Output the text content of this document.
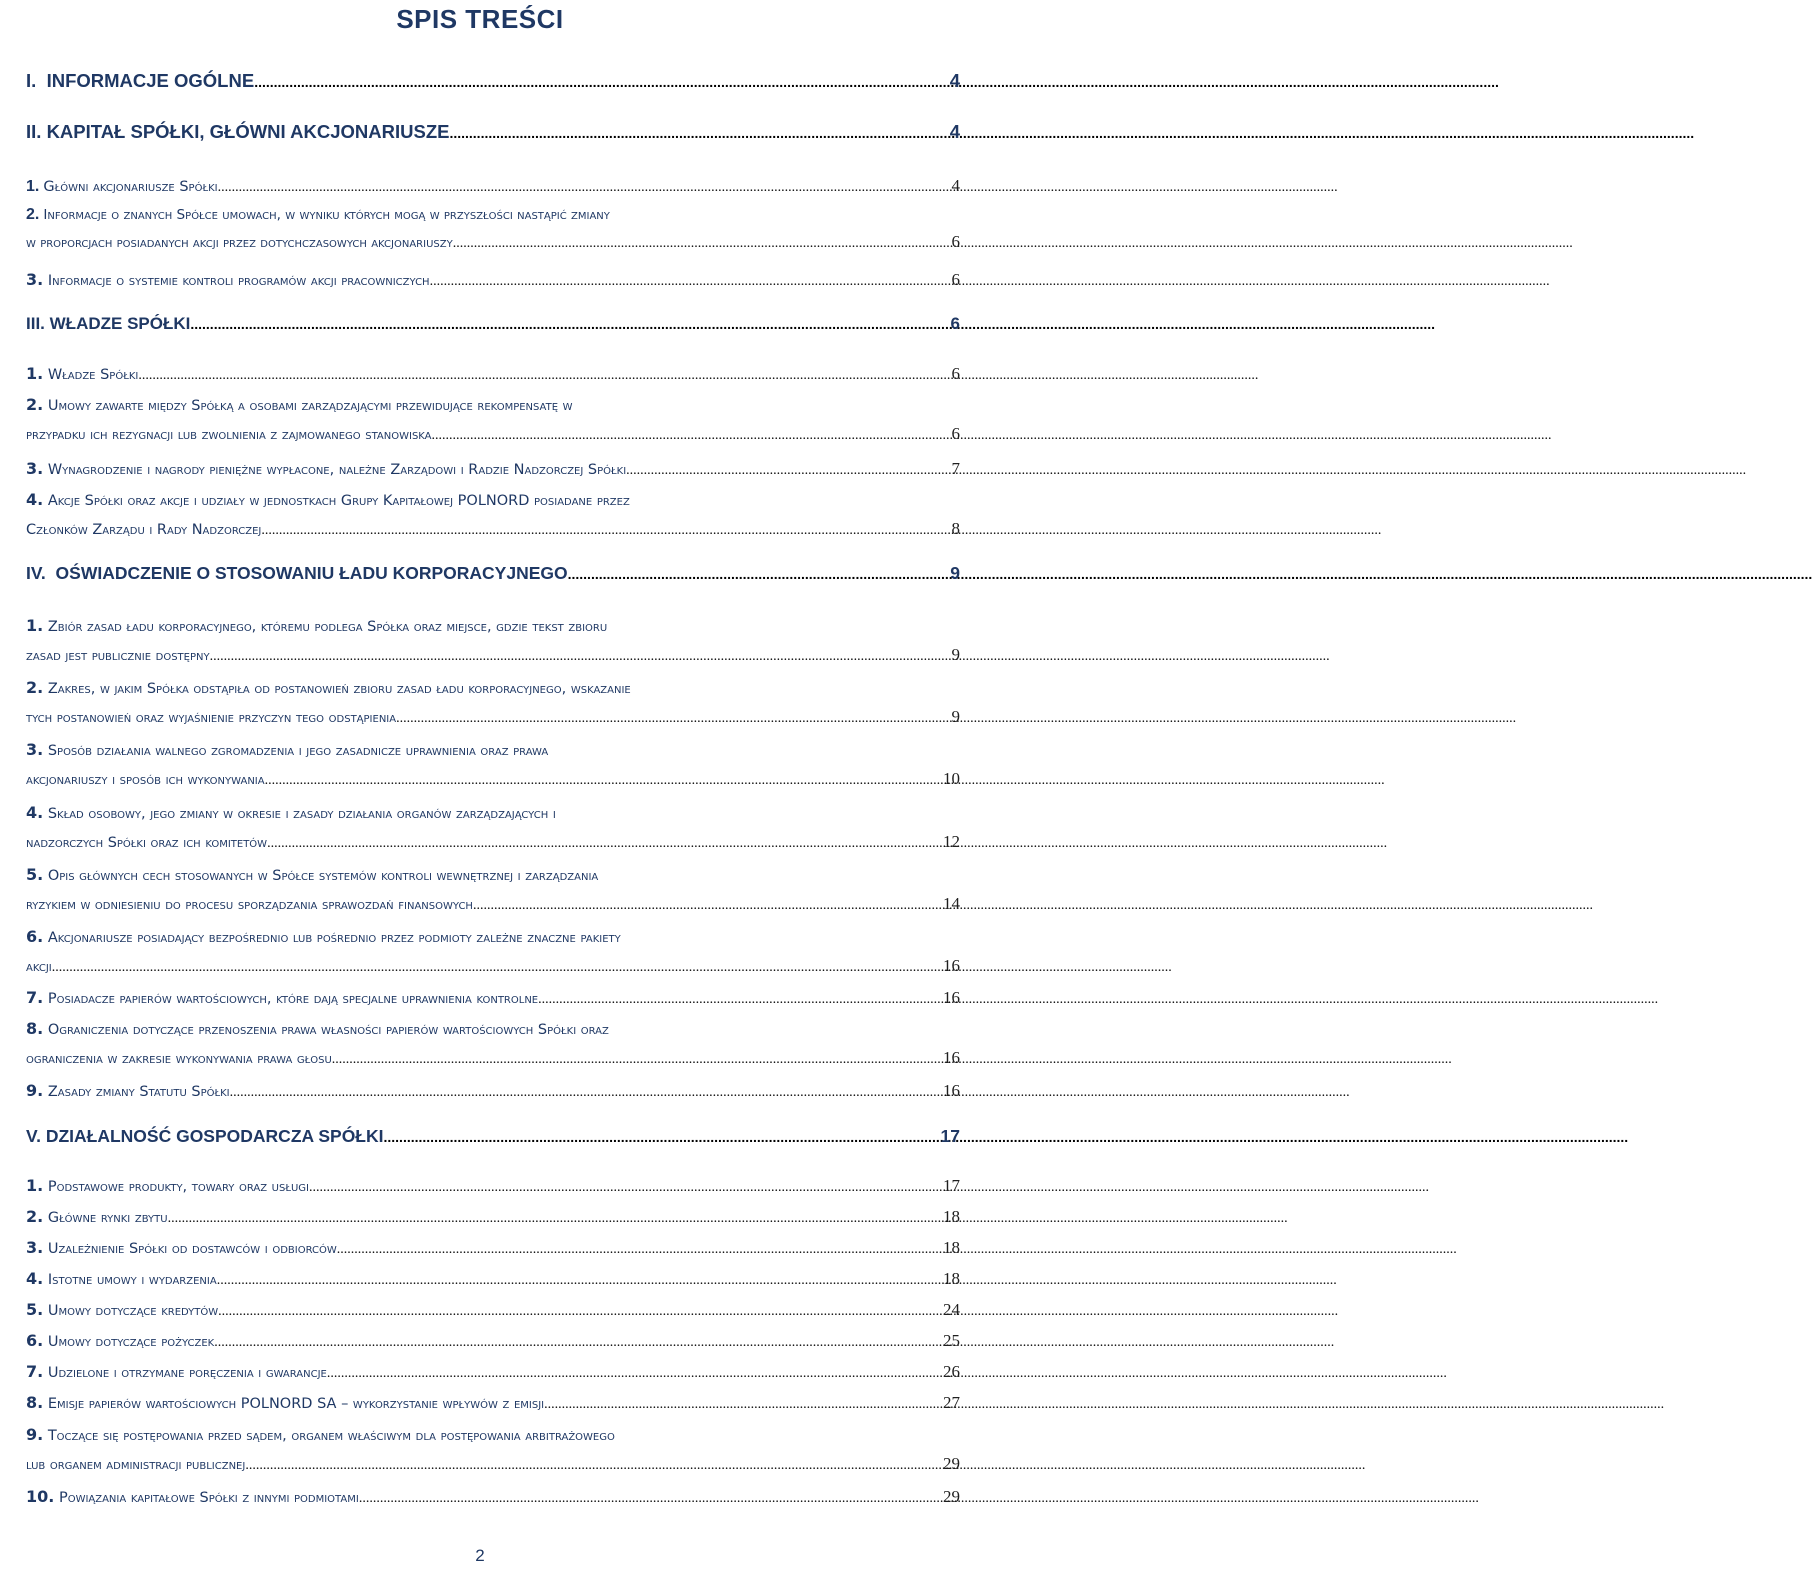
SPIS TREŚCI
I. INFORMACJE OGÓLNE .....	4
II. KAPITAŁ SPÓŁKI, GŁÓWNI AKCJONARIUSZE .....	4
1. Główni akcjonariusze Spółki .....	4
2. Informacje o znanych Spółce umowach, w wyniku których mogą w przyszłości nastąpić zmiany
w proporcjach posiadanych akcji przez dotychczasowych akcjonariuszy .....	6
3. Informacje o systemie kontroli programów akcji pracowniczych .....	6
III. WŁADZE SPÓŁKI .....	6
1. Władze Spółki .....	6
2. Umowy zawarte między Spółką a osobami zarządzającymi przewidujące rekompensatę w
przypadku ich rezygnacji lub zwolnienia z zajmowanego stanowiska .....	6
3. Wynagrodzenie i nagrody pieniężne wypłacone, należne Zarządowi i Radzie Nadzorczej Spółki .....	7
4. Akcje Spółki oraz akcje i udziały w jednostkach Grupy Kapitałowej POLNORD posiadane przez
Członków Zarządu i Rady Nadzorczej .....	8
IV. OŚWIADCZENIE O STOSOWANIU ŁADU KORPORACYJNEGO .....	9
1. Zbiór zasad ładu korporacyjnego, któremu podlega Spółka oraz miejsce, gdzie tekst zbioru
zasad jest publicznie dostępny .....	9
2. Zakres, w jakim Spółka odstąpiła od postanowień zbioru zasad ładu korporacyjnego, wskazanie
tych postanowień oraz wyjaśnienie przyczyn tego odstąpienia .....	9
3. Sposób działania walnego zgromadzenia i jego zasadnicze uprawnienia oraz prawa
akcjonariuszy i sposób ich wykonywania .....	10
4. Skład osobowy, jego zmiany w okresie i zasady działania organów zarządzających i
nadzorczych Spółki oraz ich komitetów .....	12
5. Opis głównych cech stosowanych w Spółce systemów kontroli wewnętrznej i zarządzania
ryzykiem w odniesieniu do procesu sporządzania sprawozdań finansowych .....	14
6. Akcjonariusze posiadający bezpośrednio lub pośrednio przez podmioty zależne znaczne pakiety
akcji .....	16
7. Posiadacze papierów wartościowych, które dają specjalne uprawnienia kontrolne .....	16
8. Ograniczenia dotyczące przenoszenia prawa własności papierów wartościowych Spółki oraz
ograniczenia w zakresie wykonywania prawa głosu .....	16
9. Zasady zmiany Statutu Spółki .....	16
V. DZIAŁALNOŚĆ GOSPODARCZA SPÓŁKI .....	17
1. Podstawowe produkty, towary oraz usługi .....	17
2. Główne rynki zbytu .....	18
3. Uzależnienie Spółki od dostawców i odbiorców .....	18
4. Istotne umowy i wydarzenia .....	18
5. Umowy dotyczące kredytów .....	24
6. Umowy dotyczące pożyczek .....	25
7. Udzielone i otrzymane poręczenia i gwarancje .....	26
8. Emisje papierów wartościowych POLNORD SA – wykorzystanie wpływów z emisji .....	27
9. Toczące się postępowania przed sądem, organem właściwym dla postępowania arbitrażowego
lub organem administracji publicznej .....	29
10. Powiązania kapitałowe Spółki z innymi podmiotami .....	29
2
